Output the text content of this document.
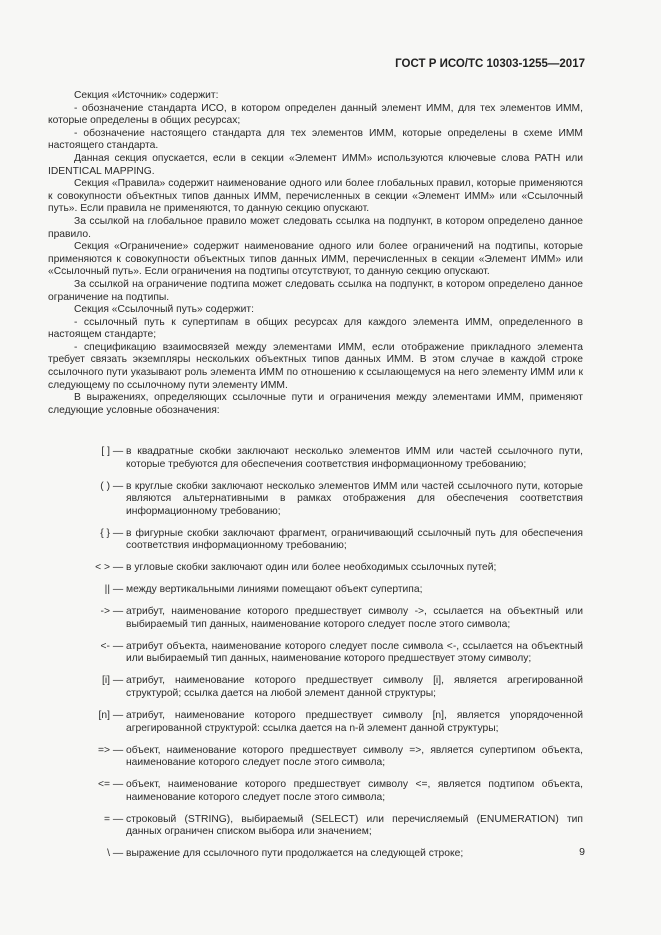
ГОСТ Р ИСО/ТС 10303-1255—2017

Секция «Источник» содержит:

- обозначение стандарта ИСО, в котором определен данный элемент ИММ, для тех элементов ИММ, которые определены в общих ресурсах;

- обозначение настоящего стандарта для тех элементов ИММ, которые определены в схеме ИММ настоящего стандарта.

Данная секция опускается, если в секции «Элемент ИММ» используются ключевые слова PATH или IDENTICAL MAPPING.

Секция «Правила» содержит наименование одного или более глобальных правил, которые применяются к совокупности объектных типов данных ИММ, перечисленных в секции «Элемент ИММ» или «Ссылочный путь». Если правила не применяются, то данную секцию опускают.

За ссылкой на глобальное правило может следовать ссылка на подпункт, в котором определено данное правило.

Секция «Ограничение» содержит наименование одного или более ограничений на подтипы, которые применяются к совокупности объектных типов данных ИММ, перечисленных в секции «Элемент ИММ» или «Ссылочный путь». Если ограничения на подтипы отсутствуют, то данную секцию опускают.

За ссылкой на ограничение подтипа может следовать ссылка на подпункт, в котором определено данное ограничение на подтипы.

Секция «Ссылочный путь» содержит:

- ссылочный путь к супертипам в общих ресурсах для каждого элемента ИММ, определенного в настоящем стандарте;

- спецификацию взаимосвязей между элементами ИММ, если отображение прикладного элемента требует связать экземпляры нескольких объектных типов данных ИММ. В этом случае в каждой строке ссылочного пути указывают роль элемента ИММ по отношению к ссылающемуся на него элементу ИММ или к следующему по ссылочному пути элементу ИММ.

В выражениях, определяющих ссылочные пути и ограничения между элементами ИММ, применяют следующие условные обозначения:

[ ] — в квадратные скобки заключают несколько элементов ИММ или частей ссылочного пути, которые требуются для обеспечения соответствия информационному требованию;
( ) — в круглые скобки заключают несколько элементов ИММ или частей ссылочного пути, которые являются альтернативными в рамках отображения для обеспечения соответствия информационному требованию;
{ } — в фигурные скобки заключают фрагмент, ограничивающий ссылочный путь для обеспечения соответствия информационному требованию;
< > — в угловые скобки заключают один или более необходимых ссылочных путей;
|| — между вертикальными линиями помещают объект супертипа;
-> — атрибут, наименование которого предшествует символу ->, ссылается на объектный или выбираемый тип данных, наименование которого следует после этого символа;
<- — атрибут объекта, наименование которого следует после символа <-, ссылается на объектный или выбираемый тип данных, наименование которого предшествует этому символу;
[i] — атрибут, наименование которого предшествует символу [i], является агрегированной структурой; ссылка дается на любой элемент данной структуры;
[n] — атрибут, наименование которого предшествует символу [n], является упорядоченной агрегированной структурой: ссылка дается на n-й элемент данной структуры;
=> — объект, наименование которого предшествует символу =>, является супертипом объекта, наименование которого следует после этого символа;
<= — объект, наименование которого предшествует символу <=, является подтипом объекта, наименование которого следует после этого символа;
= — строковый (STRING), выбираемый (SELECT) или перечисляемый (ENUMERATION) тип данных ограничен списком выбора или значением;
\ — выражение для ссылочного пути продолжается на следующей строке;	9
